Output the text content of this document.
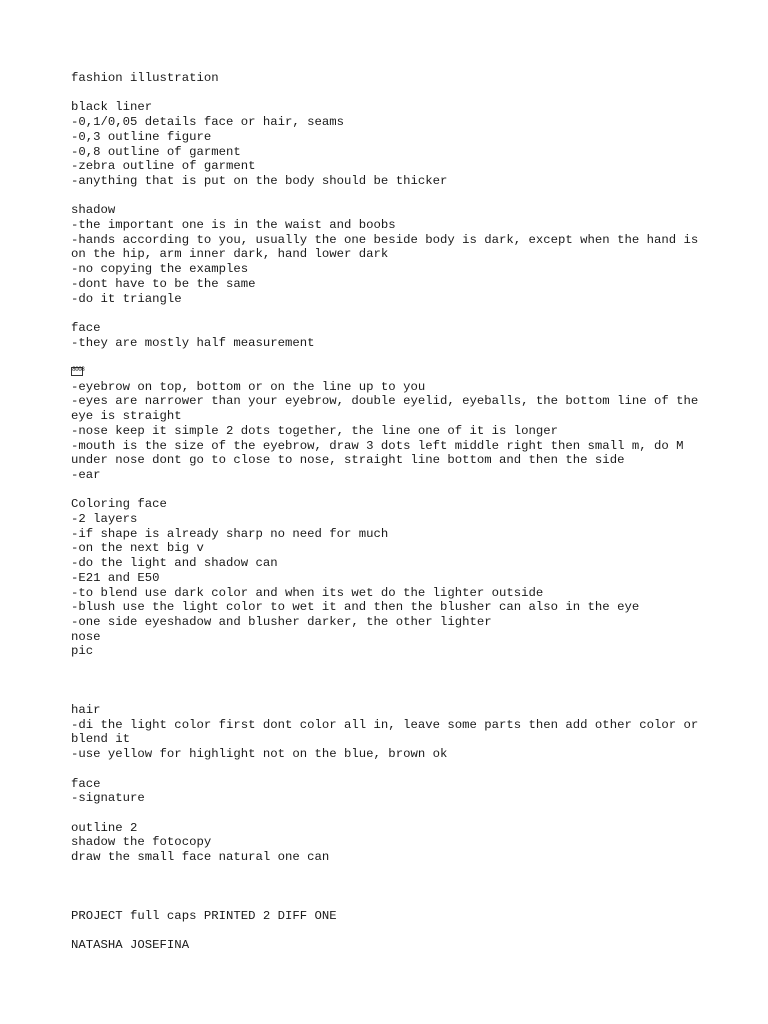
fashion illustration
black liner
-0,1/0,05 details face or hair, seams
-0,3 outline figure
-0,8 outline of garment
-zebra outline of garment
-anything that is put on the body should be thicker
shadow
-the important one is in the waist and boobs
-hands according to you, usually the one beside body is dark, except when the hand is on the hip, arm inner dark, hand lower dark
-no copying the examples
-dont have to be the same
-do it triangle
face
-they are mostly half measurement
8008
-eyebrow on top, bottom or on the line up to you
-eyes are narrower than your eyebrow, double eyelid, eyeballs, the bottom line of the eye is straight
-nose keep it simple 2 dots together, the line one of it is longer
-mouth is the size of the eyebrow, draw 3 dots left middle right then small m, do M under nose dont go to close to nose, straight line bottom and then the side
-ear
Coloring face
-2 layers
-if shape is already sharp no need for much
-on the next big v
-do the light and shadow can
-E21 and E50
-to blend use dark color and when its wet do the lighter outside
-blush use the light color to wet it and then the blusher can also in the eye
-one side eyeshadow and blusher darker, the other lighter
nose
pic
hair
-di the light color first dont color all in, leave some parts then add other color or blend it
-use yellow for highlight not on the blue, brown ok
face
-signature
outline 2
shadow the fotocopy
draw the small face natural one can
PROJECT full caps PRINTED 2 DIFF ONE
NATASHA JOSEFINA
